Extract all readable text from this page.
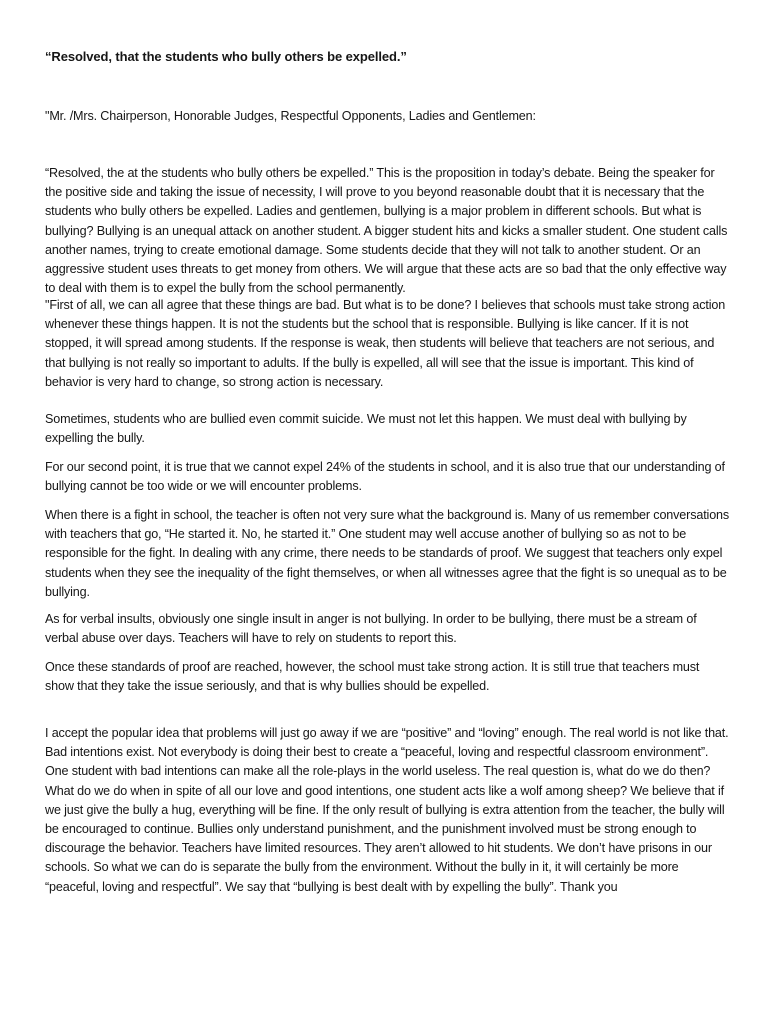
“Resolved, that the students who bully others be expelled.”

"Mr. /Mrs. Chairperson, Honorable Judges, Respectful Opponents, Ladies and Gentlemen:

“Resolved, the at the students who bully others be expelled.” This is the proposition in today’s debate. Being the speaker for the positive side and taking the issue of necessity, I will prove to you beyond reasonable doubt that it is necessary that the students who bully others be expelled. Ladies and gentlemen, bullying is a major problem in different schools. But what is bullying? Bullying is an unequal attack on another student. A bigger student hits and kicks a smaller student. One student calls another names, trying to create emotional damage. Some students decide that they will not talk to another student. Or an aggressive student uses threats to get money from others. We will argue that these acts are so bad that the only effective way to deal with them is to expel the bully from the school permanently.

"First of all, we can all agree that these things are bad. But what is to be done? I believes that schools must take strong action whenever these things happen. It is not the students but the school that is responsible. Bullying is like cancer. If it is not stopped, it will spread among students. If the response is weak, then students will believe that teachers are not serious, and that bullying is not really so important to adults. If the bully is expelled, all will see that the issue is important. This kind of behavior is very hard to change, so strong action is necessary.

Sometimes, students who are bullied even commit suicide. We must not let this happen. We must deal with bullying by expelling the bully.

For our second point, it is true that we cannot expel 24% of the students in school, and it is also true that our understanding of bullying cannot be too wide or we will encounter problems.

When there is a fight in school, the teacher is often not very sure what the background is. Many of us remember conversations with teachers that go, “He started it. No, he started it.” One student may well accuse another of bullying so as not to be responsible for the fight. In dealing with any crime, there needs to be standards of proof. We suggest that teachers only expel students when they see the inequality of the fight themselves, or when all witnesses agree that the fight is so unequal as to be bullying.

As for verbal insults, obviously one single insult in anger is not bullying. In order to be bullying, there must be a stream of verbal abuse over days. Teachers will have to rely on students to report this.

Once these standards of proof are reached, however, the school must take strong action. It is still true that teachers must show that they take the issue seriously, and that is why bullies should be expelled.

I accept the popular idea that problems will just go away if we are “positive” and “loving” enough. The real world is not like that. Bad intentions exist. Not everybody is doing their best to create a “peaceful, loving and respectful classroom environment”. One student with bad intentions can make all the role-plays in the world useless. The real question is, what do we do then? What do we do when in spite of all our love and good intentions, one student acts like a wolf among sheep? We believe that if we just give the bully a hug, everything will be fine. If the only result of bullying is extra attention from the teacher, the bully will be encouraged to continue. Bullies only understand punishment, and the punishment involved must be strong enough to discourage the behavior. Teachers have limited resources. They aren’t allowed to hit students. We don’t have prisons in our schools. So what we can do is separate the bully from the environment. Without the bully in it, it will certainly be more “peaceful, loving and respectful”. We say that “bullying is best dealt with by expelling the bully”. Thank you
